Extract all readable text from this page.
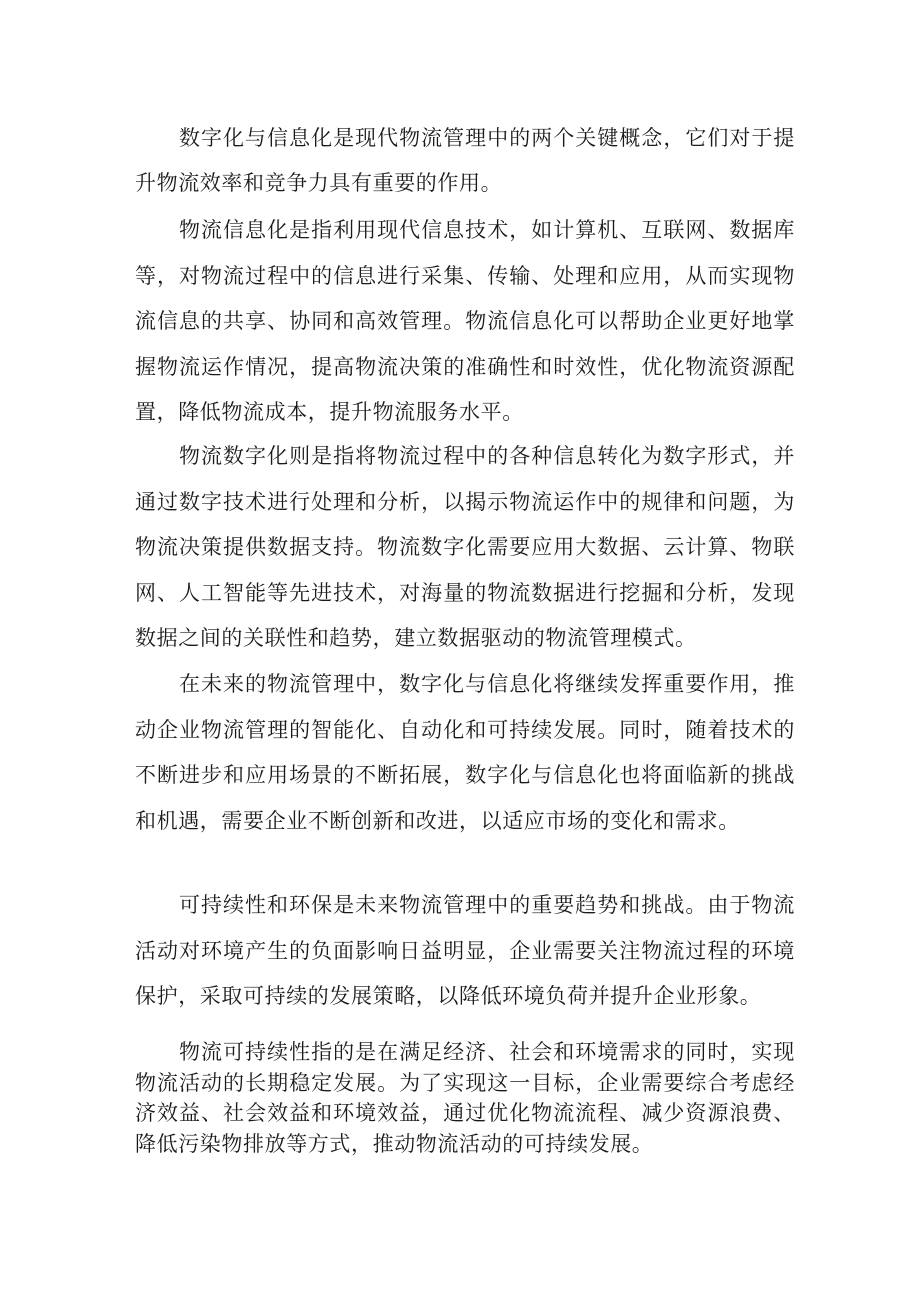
数字化与信息化是现代物流管理中的两个关键概念，它们对于提升物流效率和竞争力具有重要的作用。

物流信息化是指利用现代信息技术，如计算机、互联网、数据库等，对物流过程中的信息进行采集、传输、处理和应用，从而实现物流信息的共享、协同和高效管理。物流信息化可以帮助企业更好地掌握物流运作情况，提高物流决策的准确性和时效性，优化物流资源配置，降低物流成本，提升物流服务水平。

物流数字化则是指将物流过程中的各种信息转化为数字形式，并通过数字技术进行处理和分析，以揭示物流运作中的规律和问题，为物流决策提供数据支持。物流数字化需要应用大数据、云计算、物联网、人工智能等先进技术，对海量的物流数据进行挖掘和分析，发现数据之间的关联性和趋势，建立数据驱动的物流管理模式。

在未来的物流管理中，数字化与信息化将继续发挥重要作用，推动企业物流管理的智能化、自动化和可持续发展。同时，随着技术的不断进步和应用场景的不断拓展，数字化与信息化也将面临新的挑战和机遇，需要企业不断创新和改进，以适应市场的变化和需求。

可持续性和环保是未来物流管理中的重要趋势和挑战。由于物流活动对环境产生的负面影响日益明显，企业需要关注物流过程的环境保护，采取可持续的发展策略，以降低环境负荷并提升企业形象。

物流可持续性指的是在满足经济、社会和环境需求的同时，实现物流活动的长期稳定发展。为了实现这一目标，企业需要综合考虑经济效益、社会效益和环境效益，通过优化物流流程、减少资源浪费、降低污染物排放等方式，推动物流活动的可持续发展。
